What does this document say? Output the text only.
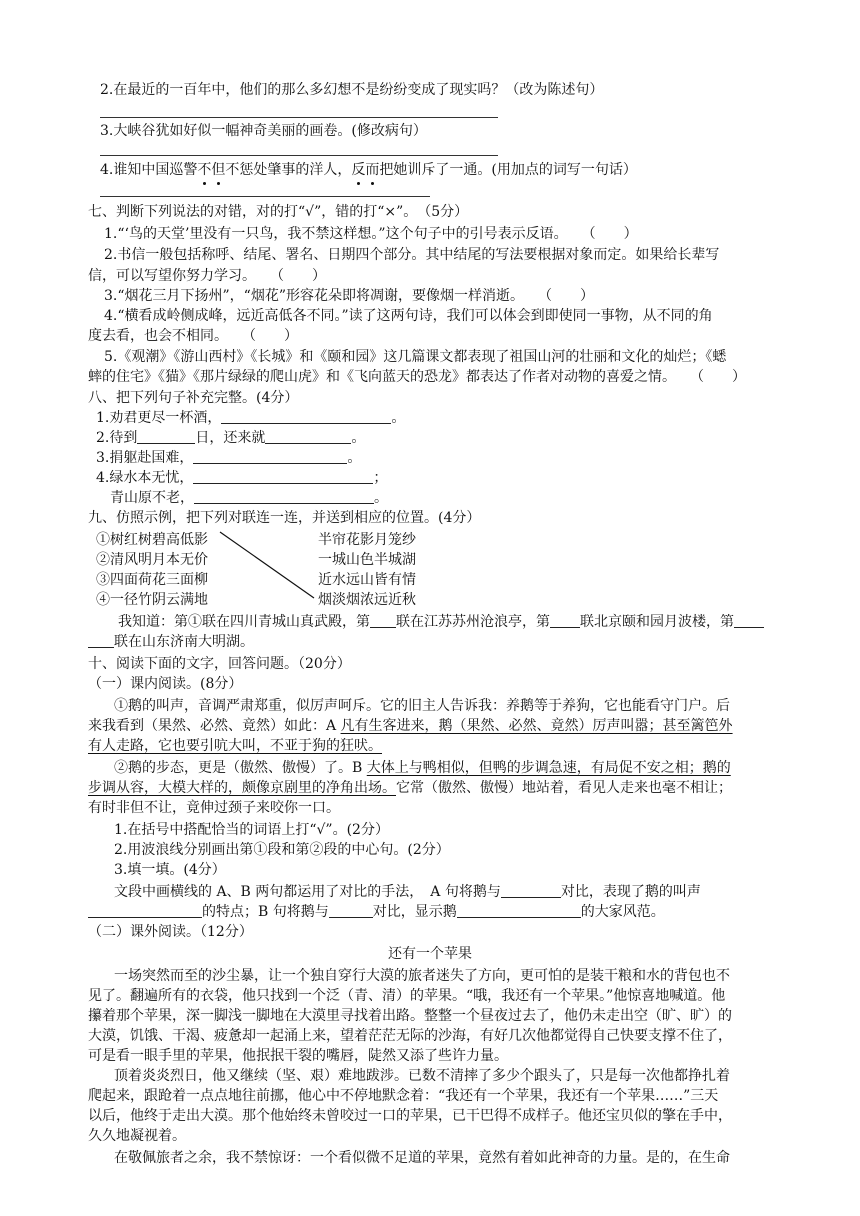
2.在最近的一百年中，他们的那么多幻想不是纷纷变成了现实吗？（改为陈述句）
3.大峡谷犹如好似一幅神奇美丽的画卷。(修改病句）
4.谁知中国巡警不但不惩处肇事的洋人，反而把她训斥了一通。(用加点的词写一句话）
七、判断下列说法的对错，对的打“√”，错的打“×”。　（5分）
1.“‘鸟的天堂’里没有一只鸟，我不禁这样想。”这个句子中的引号表示反语。　　（　　）
2.书信一般包括称呼、结尾、署名、日期四个部分。其中结尾的写法要根据对象而定。如果给长辈写
信，可以写望你努力学习。　　（　　）
3.“烟花三月下扬州”，“烟花”形容花朵即将凋谢，要像烟一样消逝。　　（　　）
4.“横看成岭侧成峰，远近高低各不同。”读了这两句诗，我们可以体会到即使同一事物，从不同的角
度去看，也会不相同。　　（　　）
5.《观潮》《游山西村》《长城》和《颐和园》这几篇课文都表现了祖国山河的壮丽和文化的灿烂；《蟋
蟀的住宅》《猫》《那片绿绿的爬山虎》和《飞向蓝天的恐龙》都表达了作者对动物的喜爱之情。　　（　　）
八、把下列句子补充完整。(4分）
1.劝君更尽一杯酒，	。
2.待到	日，还来就	。
3.捐躯赴国难，	。
4.绿水本无忧，	；
青山原不老，	。
九、仿照示例，把下列对联连一连，并送到相应的位置。(4分）
①树红树碧高低影
②清风明月本无价
③四面荷花三面柳
④一径竹阴云满地
半帘花影月笼纱
一城山色半城湖
近水远山皆有情
烟淡烟浓远近秋
我知道：第①联在四川青城山真武殿，第 联在江苏苏州沧浪亭，第 联北京颐和园月波楼，第
联在山东济南大明湖。
十、阅读下面的文字，回答问题。（20分）
（一）课内阅读。(8分）
①鹅的叫声，音调严肃郑重，似厉声呵斥。它的旧主人告诉我：养鹅等于养狗，它也能看守门户。后
来我看到（果然、必然、竟然）如此：A 凡有生客进来，鹅（果然、必然、竟然）厉声叫嚣；甚至篱笆外
有人走路，它也要引吭大叫，不亚于狗的狂吠。
②鹅的步态，更是（傲然、傲慢）了。B 大体上与鸭相似，但鸭的步调急速，有局促不安之相；鹅的
步调从容，大模大样的，颇像京剧里的净角出场。它常（傲然、傲慢）地站着，看见人走来也毫不相让；
有时非但不让，竟伸过颈子来咬你一口。
1.在括号中搭配恰当的词语上打“√”。(2分）
2.用波浪线分别画出第①段和第②段的中心句。(2分）
3.填一填。(4分）
文段中画横线的 A、B 两句都运用了对比的手法，　A 句将鹅与	对比，表现了鹅的叫声
的特点；B 句将鹅与	对比，显示鹅	的大家风范。
（二）课外阅读。（12分）
还有一个苹果
一场突然而至的沙尘暴，让一个独自穿行大漠的旅者迷失了方向，更可怕的是装干粮和水的背包也不
见了。翻遍所有的衣袋，他只找到一个泛（青、清）的苹果。“哦，我还有一个苹果。”他惊喜地喊道。他
攥着那个苹果，深一脚浅一脚地在大漠里寻找着出路。整整一个昼夜过去了，他仍未走出空（旷、旷）的
大漠，饥饿、干渴、疲惫却一起涌上来，望着茫茫无际的沙海，有好几次他都觉得自己快要支撑不住了，
可是看一眼手里的苹果，他抿抿干裂的嘴唇，陡然又添了些许力量。
顶着炎炎烈日，他又继续（坚、艰）难地跋涉。已数不清摔了多少个跟头了，只是每一次他都挣扎着
爬起来，跟跄着一点点地往前挪，他心中不停地默念着：“我还有一个苹果，我还有一个苹果……”三天
以后，他终于走出大漠。那个他始终未曾咬过一口的苹果，已干巴得不成样子。他还宝贝似的擎在手中，
久久地凝视着。
在敬佩旅者之余，我不禁惊讶：一个看似微不足道的苹果，竟然有着如此神奇的力量。是的，在生命
